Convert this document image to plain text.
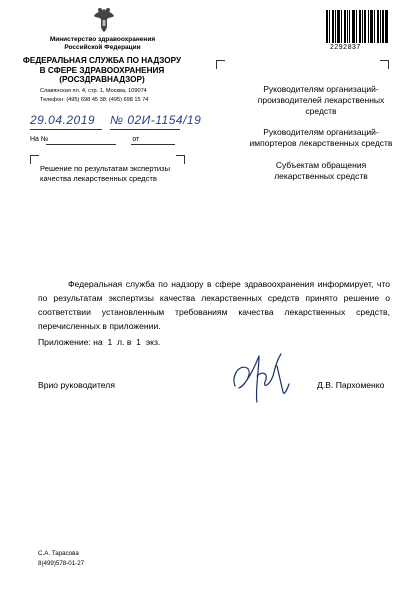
Министерство здравоохранения
Российской Федерации
ФЕДЕРАЛЬНАЯ СЛУЖБА ПО НАДЗОРУ
В СФЕРЕ ЗДРАВООХРАНЕНИЯ
(РОСЗДРАВНАДЗОР)
Славянская пл. 4, стр. 1, Москва, 109074
Телефон: (495) 698 45 38; (495) 698 15 74
29.04.2019 № 02И-1154/19
На №	от
Решение по результатам экспертизы
качества лекарственных средств
2292837
Руководителям организаций-
производителей лекарственных
средств
Руководителям организаций-
импортеров лекарственных средств
Субъектам обращения
лекарственных средств
Федеральная служба по надзору в сфере здравоохранения информирует, что по результатам экспертизы качества лекарственных средств принято решение о соответствии установленным требованиям качества лекарственных средств, перечисленных в приложении.
Приложение: на  1  л. в  1  экз.
Врио руководителя	Д.В. Пархоменко
С.А. Тарасова
8(499)578-01-27
